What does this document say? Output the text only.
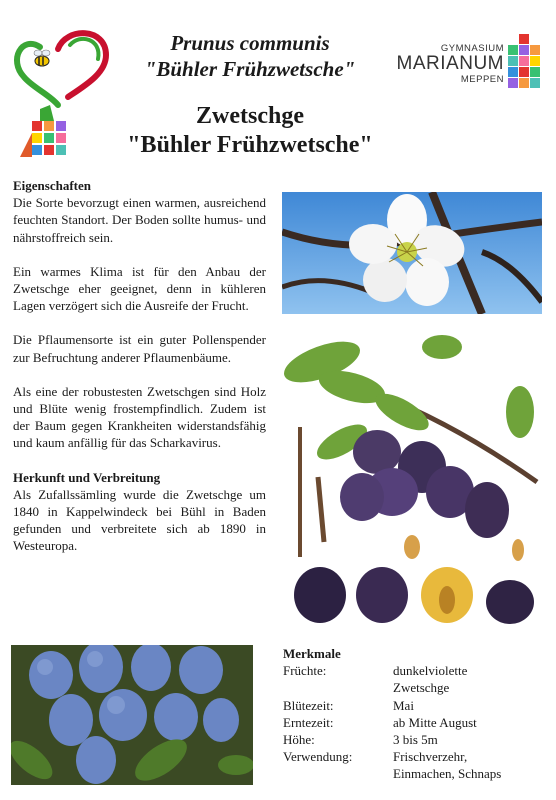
Prunus communis
"Bühler Frühzwetsche"
Zwetschge
"Bühler Frühzwetsche"
GYMNASIUM
MARIANUM
MEPPEN
Eigenschaften

Die Sorte bevorzugt einen warmen, ausreichend feuchten Standort. Der Boden sollte humus- und nährstoffreich sein.

Ein warmes Klima ist für den Anbau der Zwetschge eher geeignet, denn in kühleren Lagen verzögert sich die Ausreife der Frucht.

Die Pflaumensorte ist ein guter Pollenspender zur Befruchtung anderer Pflaumenbäume.

Als eine der robustesten Zwetschgen sind Holz und Blüte wenig frostempfindlich. Zudem ist der Baum gegen Krankheiten widerstandsfähig und kaum anfällig für das Scharkavirus.

Herkunft und Verbreitung

Als Zufallssämling wurde die Zwetschge um 1840 in Kappelwindeck bei Bühl in Baden gefunden und verbreitete sich ab 1890 in Westeuropa.

Merkmale
Früchte:	dunkelviolette
Zwetschge
Blütezeit:	Mai
Erntezeit:	ab Mitte August
Höhe:	3 bis 5m
Verwendung:	Frischverzehr,
Einmachen, Schnaps
